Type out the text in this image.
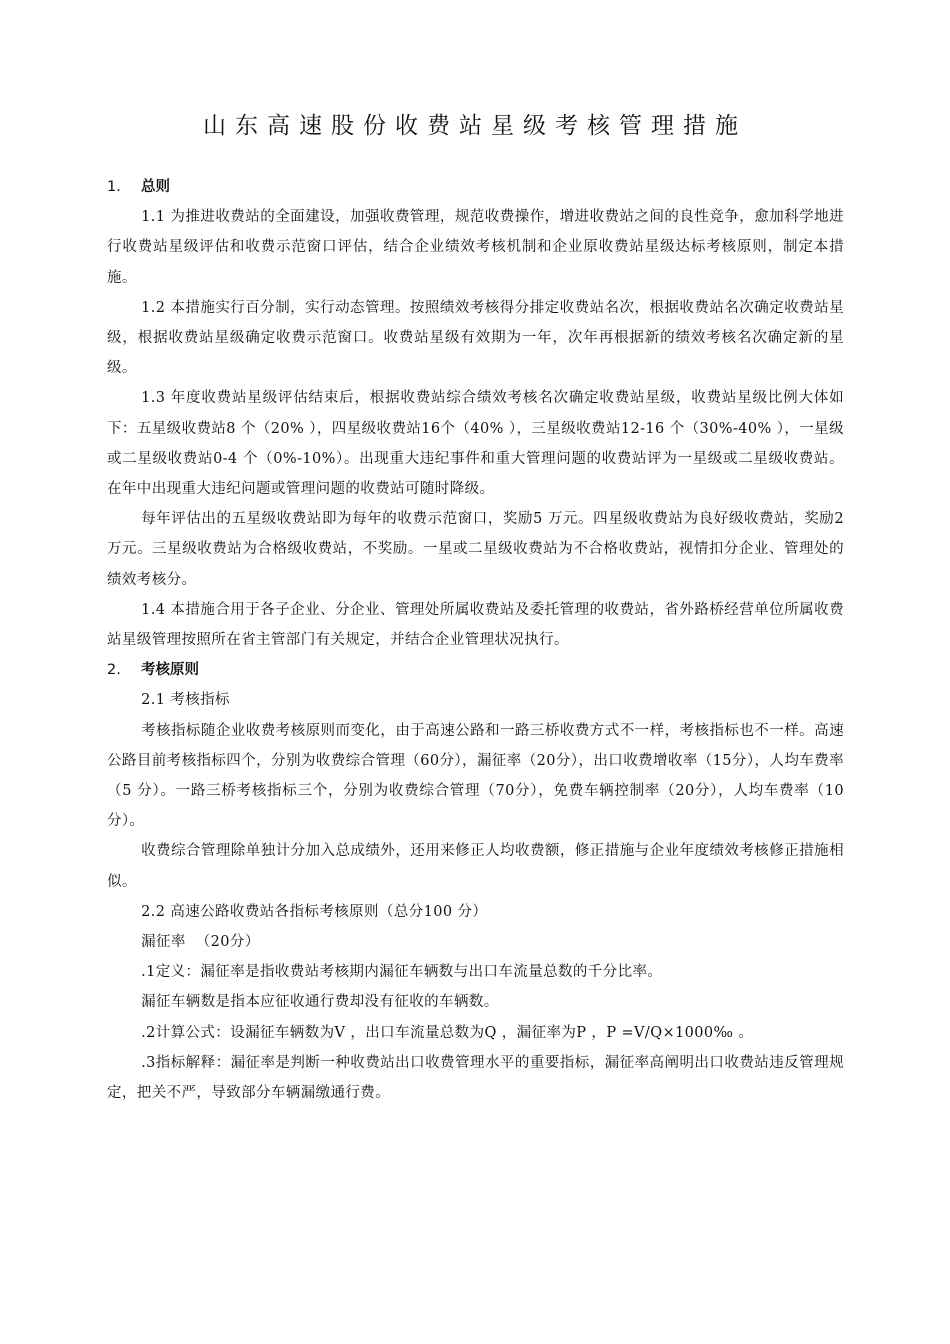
山东高速股份收费站星级考核管理措施
1. 总则

1.1 为推进收费站的全面建设，加强收费管理，规范收费操作，增进收费站之间的良性竞争，愈加科学地进行收费站星级评估和收费示范窗口评估，结合企业绩效考核机制和企业原收费站星级达标考核原则，制定本措施。

1.2 本措施实行百分制，实行动态管理。按照绩效考核得分排定收费站名次，根据收费站名次确定收费站星级，根据收费站星级确定收费示范窗口。收费站星级有效期为一年，次年再根据新的绩效考核名次确定新的星级。

1.3 年度收费站星级评估结束后，根据收费站综合绩效考核名次确定收费站星级，收费站星级比例大体如下：五星级收费站8 个（20% ），四星级收费站16个（40% ），三星级收费站12-16 个（30%-40% ），一星级或二星级收费站0-4 个（0%-10%）。出现重大违纪事件和重大管理问题的收费站评为一星级或二星级收费站。在年中出现重大违纪问题或管理问题的收费站可随时降级。

每年评估出的五星级收费站即为每年的收费示范窗口，奖励5 万元。四星级收费站为良好级收费站，奖励2 万元。三星级收费站为合格级收费站，不奖励。一星或二星级收费站为不合格收费站，视情扣分企业、管理处的绩效考核分。

1.4 本措施合用于各子企业、分企业、管理处所属收费站及委托管理的收费站，省外路桥经营单位所属收费站星级管理按照所在省主管部门有关规定，并结合企业管理状况执行。

2. 考核原则

2.1 考核指标

考核指标随企业收费考核原则而变化，由于高速公路和一路三桥收费方式不一样，考核指标也不一样。高速公路目前考核指标四个，分别为收费综合管理（60分），漏征率（20分），出口收费增收率（15分），人均车费率（5 分）。一路三桥考核指标三个，分别为收费综合管理（70分），免费车辆控制率（20分），人均车费率（10分）。

收费综合管理除单独计分加入总成绩外，还用来修正人均收费额，修正措施与企业年度绩效考核修正措施相似。

2.2 高速公路收费站各指标考核原则（总分100 分）

漏征率  （20分）

.1定义：漏征率是指收费站考核期内漏征车辆数与出口车流量总数的千分比率。

漏征车辆数是指本应征收通行费却没有征收的车辆数。

.2计算公式：设漏征车辆数为V ，出口车流量总数为Q ，漏征率为P ，P =V/Q×1000‰ 。

.3指标解释：漏征率是判断一种收费站出口收费管理水平的重要指标，漏征率高阐明出口收费站违反管理规定，把关不严，导致部分车辆漏缴通行费。
